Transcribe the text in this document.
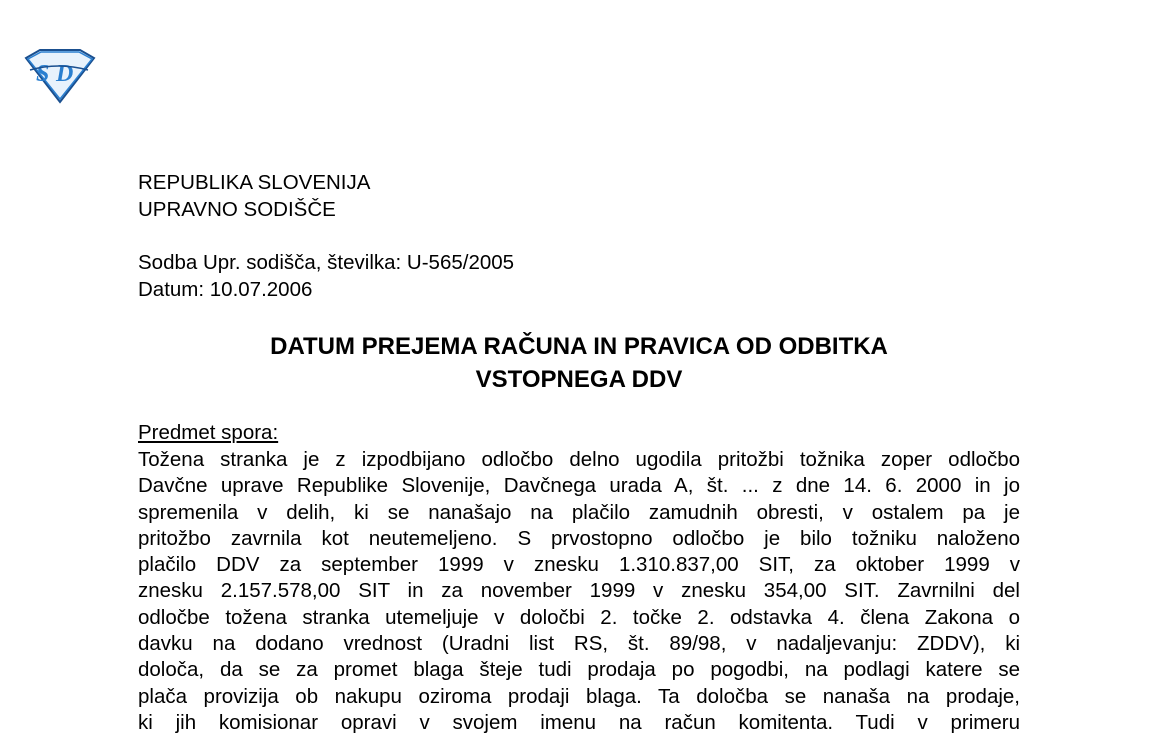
S D
REPUBLIKA SLOVENIJA
UPRAVNO SODIŠČE
Sodba Upr. sodišča, številka: U-565/2005
Datum: 10.07.2006
DATUM PREJEMA RAČUNA IN PRAVICA OD ODBITKA
VSTOPNEGA DDV
Predmet spora:
Tožena stranka je z izpodbijano odločbo delno ugodila pritožbi tožnika zoper odločbo
Davčne uprave Republike Slovenije, Davčnega urada A, št. ... z dne 14. 6. 2000 in jo
spremenila v delih, ki se nanašajo na plačilo zamudnih obresti, v ostalem pa je
pritožbo zavrnila kot neutemeljeno. S prvostopno odločbo je bilo tožniku naloženo
plačilo DDV za september 1999 v znesku 1.310.837,00 SIT, za oktober 1999 v
znesku 2.157.578,00 SIT in za november 1999 v znesku 354,00 SIT. Zavrnilni del
odločbe tožena stranka utemeljuje v določbi 2. točke 2. odstavka 4. člena Zakona o
davku na dodano vrednost (Uradni list RS, št. 89/98, v nadaljevanju: ZDDV), ki
določa, da se za promet blaga šteje tudi prodaja po pogodbi, na podlagi katere se
plača provizija ob nakupu oziroma prodaji blaga. Ta določba se nanaša na prodaje,
ki jih komisionar opravi v svojem imenu na račun komitenta. Tudi v primeru
